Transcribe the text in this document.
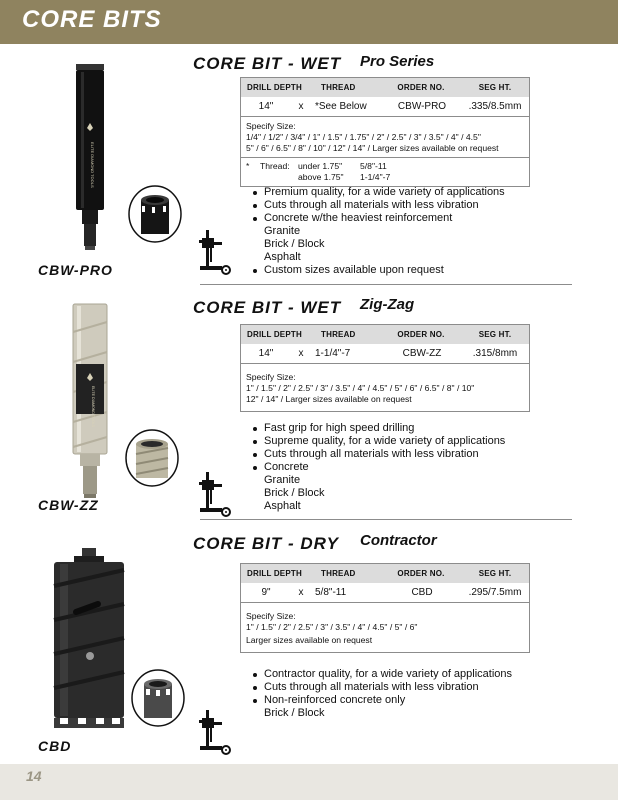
CORE BITS
CORE BIT - WET Pro Series
ELITE DIAMOND TOOLS
CBW-PRO
DRILL DEPTH	THREAD	ORDER NO.	SEG HT.
14"	x	*See Below	CBW-PRO	.335/8.5mm
Specify Size:
1/4" / 1/2" / 3/4" / 1" / 1.5" / 1.75" / 2" / 2.5" / 3" / 3.5" / 4" / 4.5"
5" / 6" / 6.5" / 8" / 10" / 12" / 14" / Larger sizes available on request
*	Thread: under 1.75"	5/8"-11
above 1.75"	1-1/4"-7
Premium quality, for a wide variety of applications
Cuts through all materials with less vibration
Concrete w/the heaviest reinforcement
Granite
Brick / Block
Asphalt
Custom sizes available upon request
CORE BIT - WET Zig-Zag
ELITE DIAMOND TOOLS
CBW-ZZ
DRILL DEPTH	THREAD	ORDER NO.	SEG HT.
14"	x	1-1/4"-7	CBW-ZZ	.315/8mm
Specify Size:
1" / 1.5" / 2" / 2.5" / 3" / 3.5" / 4" / 4.5" / 5" / 6" / 6.5" / 8" / 10"
12" / 14" / Larger sizes available on request
Fast grip for high speed drilling
Supreme quality, for a wide variety of applications
Cuts through all materials with less vibration
Concrete
Granite
Brick / Block
Asphalt
CORE BIT - DRY Contractor
CBD
DRILL DEPTH	THREAD	ORDER NO.	SEG HT.
9"	x	5/8"-11	CBD	.295/7.5mm
Specify Size:
1" / 1.5" / 2" / 2.5" / 3" / 3.5" / 4" / 4.5" / 5" / 6"
Larger sizes available on request
Contractor quality, for a wide variety of applications
Cuts through all materials with less vibration
Non-reinforced concrete only
Brick / Block
14
